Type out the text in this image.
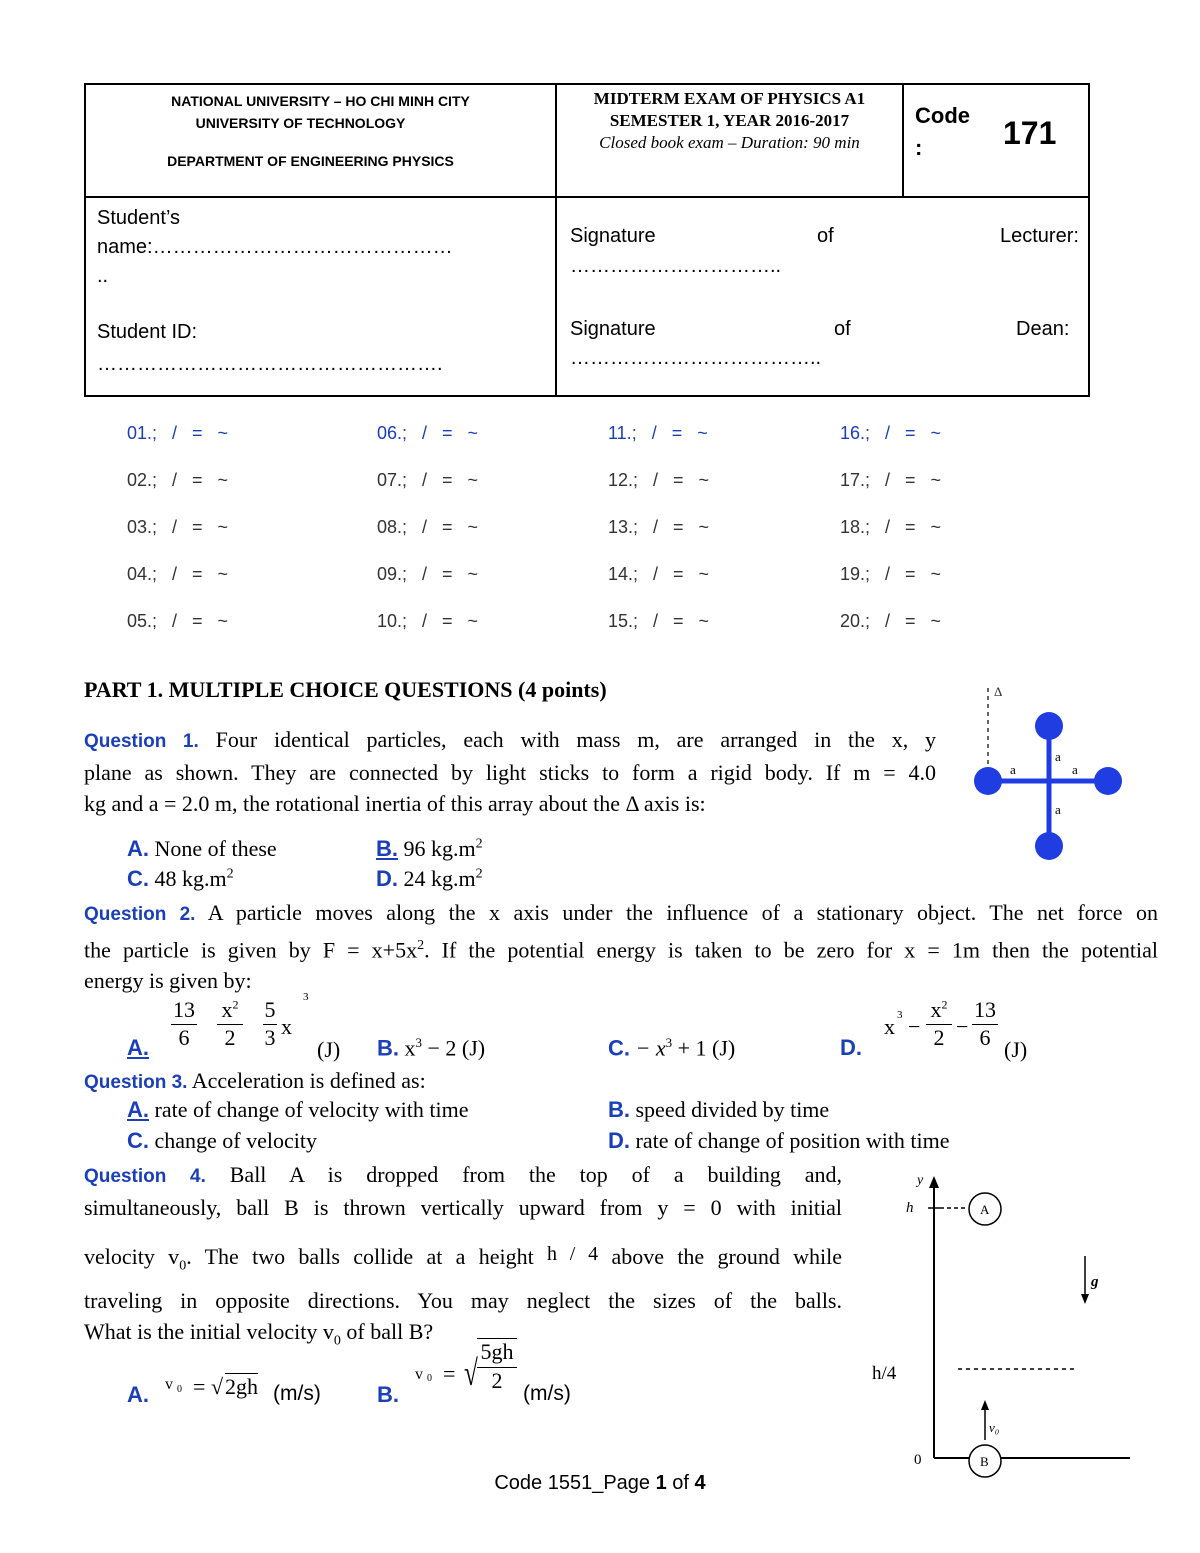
NATIONAL UNIVERSITY – HO CHI MINH CITY
UNIVERSITY OF TECHNOLOGY
DEPARTMENT OF ENGINEERING PHYSICS
MIDTERM EXAM OF PHYSICS A1
SEMESTER 1, YEAR 2016-2017
Closed book exam – Duration: 90 min
Code
:	171
Student’s
name:………………………………………
..
Student ID:
…………………………………………….
Signature	of	Lecturer:
…………………………..
Signature	of	Dean:
………………………………..
PART 1. MULTIPLE CHOICE QUESTIONS (4 points)
Question 1. Four identical particles, each with mass m, are arranged in the x, y
plane as shown. They are connected by light sticks to form a rigid body. If m = 4.0
kg and a = 2.0 m, the rotational inertia of this array about the Δ axis is:
A. None of these	B. 96 $kg.m^2$
C. 48 $kg.m^2$	D. 24 $kg.m^2$
Δ
a	a
a
a
Question 2. A particle moves along the x axis under the influence of a stationary object. The net force on
the particle is given by $F = x+5x^2$. If the potential energy is taken to be zero for x = 1m then the potential
energy is given by:
A. $\frac{13}{6} x^2$
2	$\frac{5}{3} 3$
x
(J) B. $x^3 - 2$ (J)	C. − $x^3 + 1$ (J)	D.
x 3 −
$x^2$
$2 - \frac{13}{6} (J)$
Question 3. Acceleration is defined as:
A. rate of change of velocity with time	B. speed divided by time
C. change of velocity	D. rate of change of position with time
Question 4. Ball A is dropped from the top of a building and,
simultaneously, ball B is thrown vertically upward from y = 0 with initial
velocity $v_0$. The two balls collide at a height h / 4 above the ground while
traveling in opposite directions. You may neglect the sizes of the balls.
What is the initial velocity $v_0$ of ball B?
A. v 0 = √ 2gh (m/s)	B.
v 0 = √ $\frac{5gh}{2} (m/s)$
y
h	A
g
h/4
v₀
0	B
Code 1551_Page 1 of 4
01.;   /   =   ~	06.;   /   =   ~	11.;   /   =   ~	16.;   /   =   ~
02.;   /   =   ~	07.;   /   =   ~	12.;   /   =   ~	17.;   /   =   ~
03.;   /   =   ~	08.;   /   =   ~	13.;   /   =   ~	18.;   /   =   ~
04.;   /   =   ~	09.;   /   =   ~	14.;   /   =   ~	19.;   /   =   ~
05.;   /   =   ~	10.;   /   =   ~	15.;   /   =   ~	20.;   /   =   ~
